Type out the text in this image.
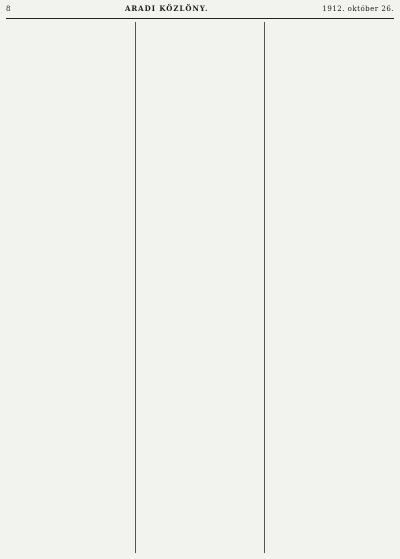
8	ARADI KÖZLÖNY.	1912. október 26.
